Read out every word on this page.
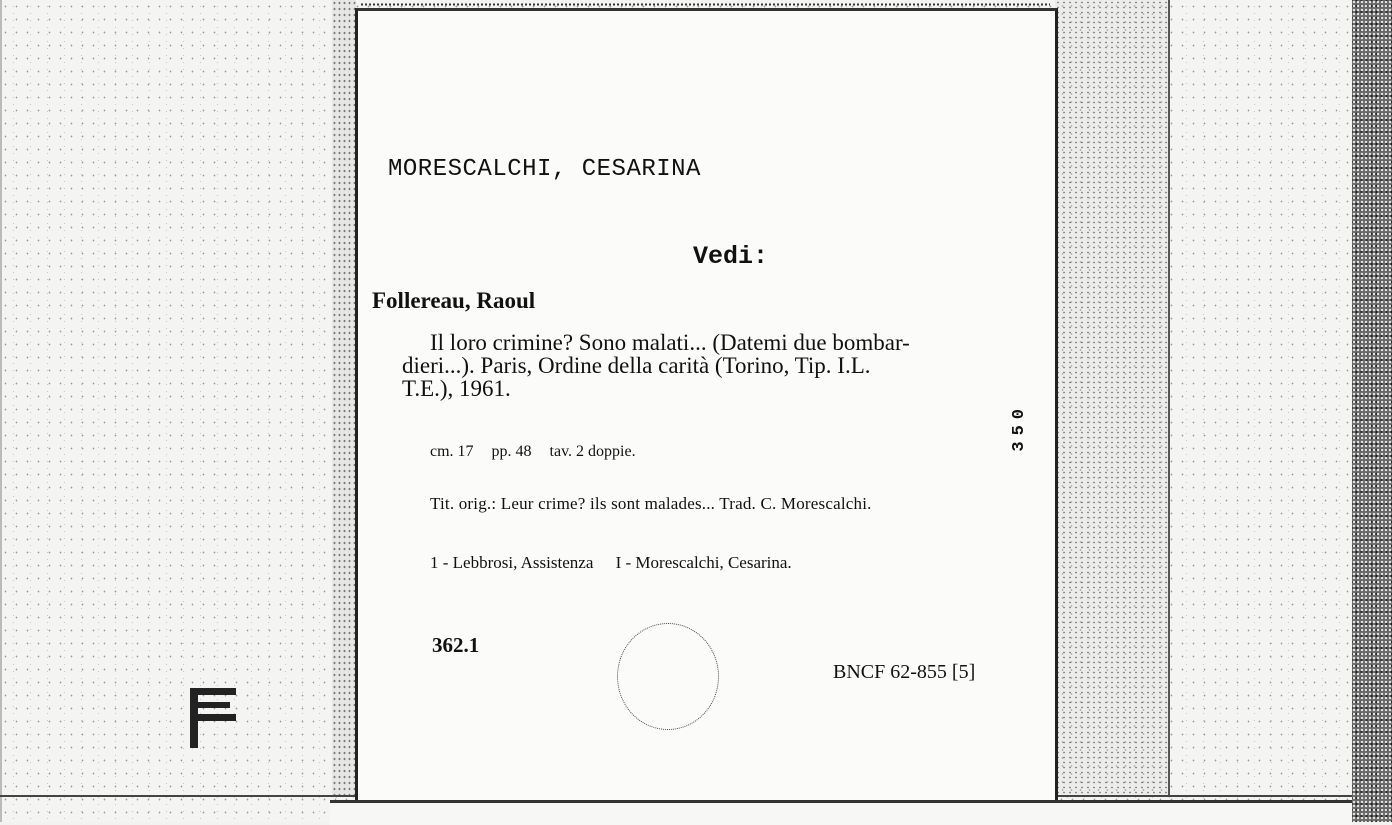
MORESCALCHI, CESARINA
Vedi:
Follereau, Raoul
Il loro crimine? Sono malati... (Datemi due bombar-
dieri...). Paris, Ordine della carità (Torino, Tip. I.L.
T.E.), 1961.
cm. 17 pp. 48 tav. 2 doppie.	350
Tit. orig.: Leur crime? ils sont malades... Trad. C. Morescalchi.
1 - Lebbrosi, Assistenza I - Morescalchi, Cesarina.
362.1
BNCF 62-855 [5]
